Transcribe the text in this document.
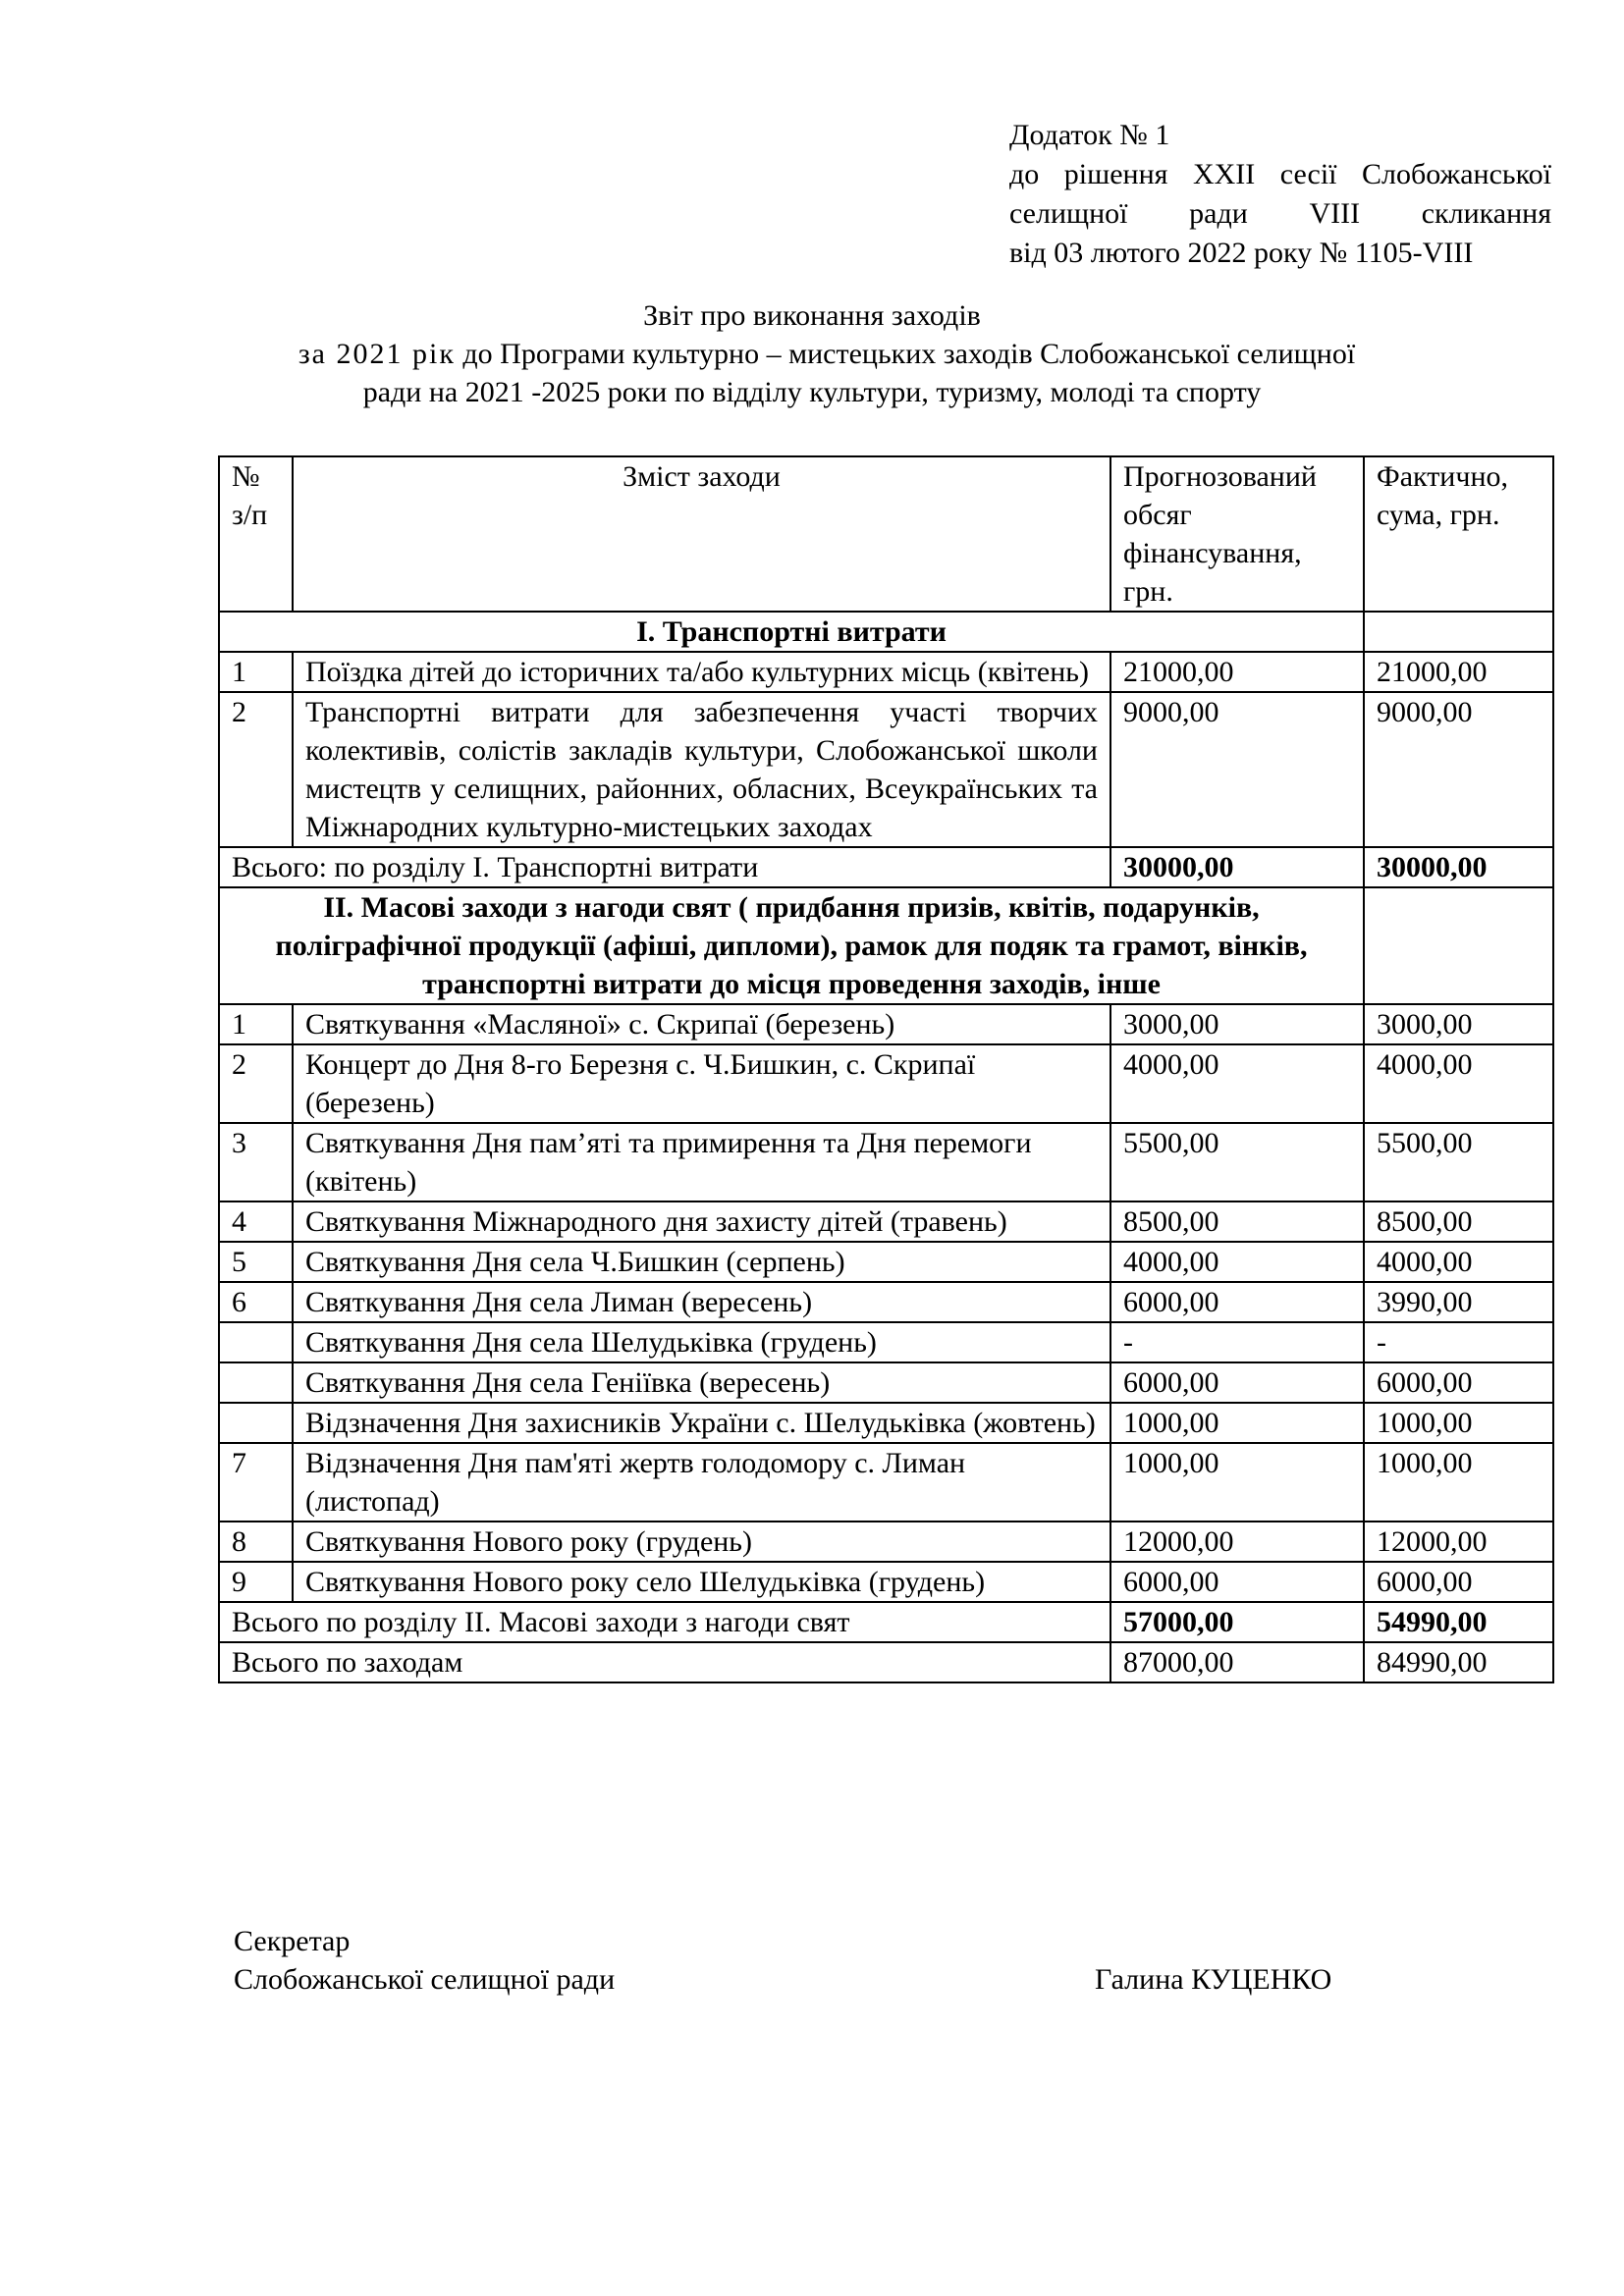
Додаток № 1
до рішення XXII сесії Слобожанської
селищної ради VIII скликання
від 03 лютого 2022 року № 1105-VIII
Звіт про виконання заходів
за 2021 рік до Програми культурно – мистецьких заходів Слобожанської селищної
ради на 2021 -2025 роки по відділу культури, туризму, молоді та спорту
№ з/п	Зміст заходи	Прогнозований обсяг фінансування, грн.	Фактично, сума, грн.
І. Транспортні витрати			
1	Поїздка дітей до історичних та/або культурних місць (квітень)	21000,00	21000,00
2	Транспортні витрати для забезпечення участі творчих колективів, солістів закладів культури, Слобожанської школи мистецтв у селищних, районних, обласних, Всеукраїнських та Міжнародних культурно-мистецьких заходах	9000,00	9000,00
Всього: по розділу І. Транспортні витрати		30000,00	30000,00
ІІ. Масові заходи з нагоди свят ( придбання призів, квітів, подарунків, поліграфічної продукції (афіші, дипломи), рамок для подяк та грамот, вінків, транспортні витрати до місця проведення заходів, інше			
1	Святкування «Масляної» с. Скрипаї (березень)	3000,00	3000,00
2	Концерт до Дня 8-го Березня с. Ч.Бишкин, с. Скрипаї (березень)	4000,00	4000,00
3	Святкування Дня пам’яті та примирення та Дня перемоги (квітень)	5500,00	5500,00
4	Святкування Міжнародного дня захисту дітей (травень)	8500,00	8500,00
5	Святкування Дня села Ч.Бишкин (серпень)	4000,00	4000,00
6	Святкування Дня села Лиман (вересень)	6000,00	3990,00
	Святкування Дня села Шелудьківка (грудень)	-	-
	Святкування Дня села Геніївка (вересень)	6000,00	6000,00
	Відзначення Дня захисників України с. Шелудьківка (жовтень)	1000,00	1000,00
7	Відзначення Дня пам'яті жертв голодомору с. Лиман (листопад)	1000,00	1000,00
8	Святкування Нового року (грудень)	12000,00	12000,00
9	Святкування Нового року село Шелудьківка (грудень)	6000,00	6000,00
Всього по розділу ІІ. Масові заходи з нагоди свят		57000,00	54990,00
Всього по заходам		87000,00	84990,00
Секретар
Слобожанської селищної ради	Галина КУЦЕНКО
